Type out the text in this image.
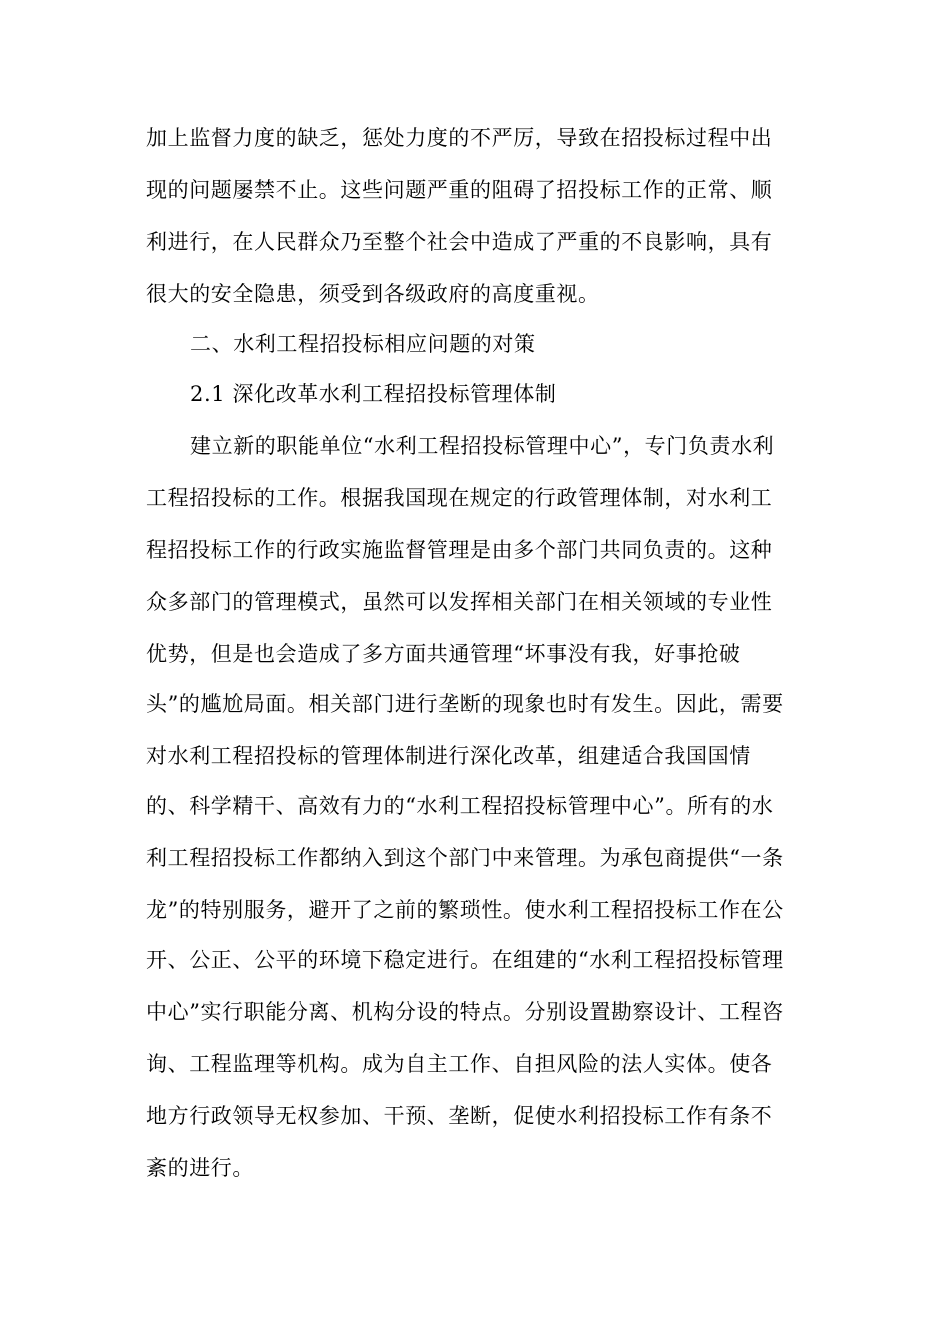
加上监督力度的缺乏，惩处力度的不严厉，导致在招投标过程中出
现的问题屡禁不止。这些问题严重的阻碍了招投标工作的正常、顺
利进行，在人民群众乃至整个社会中造成了严重的不良影响，具有
很大的安全隐患，须受到各级政府的高度重视。
二、水利工程招投标相应问题的对策
2.1 深化改革水利工程招投标管理体制
建立新的职能单位“水利工程招投标管理中心”，专门负责水利
工程招投标的工作。根据我国现在规定的行政管理体制，对水利工
程招投标工作的行政实施监督管理是由多个部门共同负责的。这种
众多部门的管理模式，虽然可以发挥相关部门在相关领域的专业性
优势，但是也会造成了多方面共通管理“坏事没有我，好事抢破
头”的尴尬局面。相关部门进行垄断的现象也时有发生。因此，需要
对水利工程招投标的管理体制进行深化改革，组建适合我国国情
的、科学精干、高效有力的“水利工程招投标管理中心”。所有的水
利工程招投标工作都纳入到这个部门中来管理。为承包商提供“一条
龙”的特别服务，避开了之前的繁琐性。使水利工程招投标工作在公
开、公正、公平的环境下稳定进行。在组建的“水利工程招投标管理
中心”实行职能分离、机构分设的特点。分别设置勘察设计、工程咨
询、工程监理等机构。成为自主工作、自担风险的法人实体。使各
地方行政领导无权参加、干预、垄断，促使水利招投标工作有条不
紊的进行。
